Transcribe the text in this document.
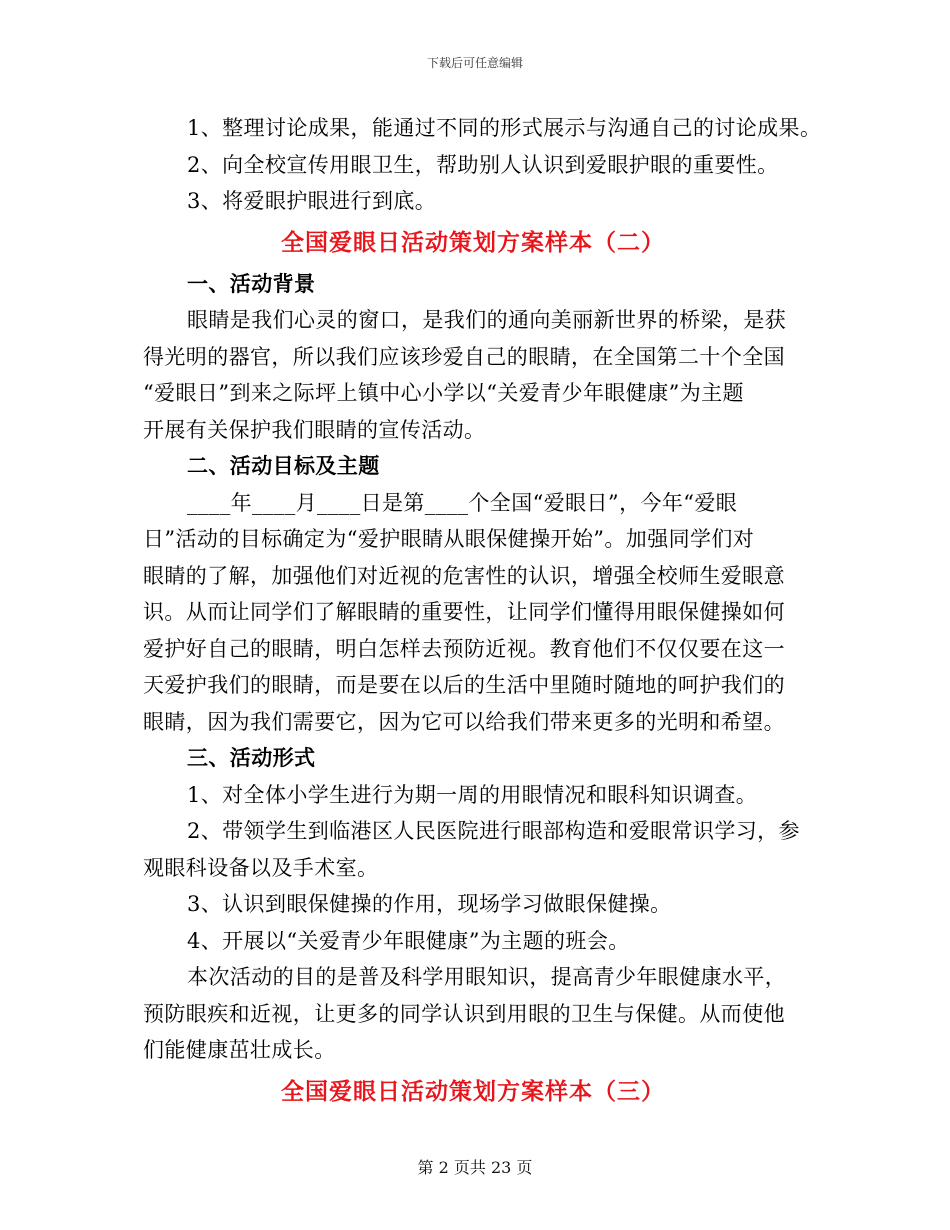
下载后可任意编辑
1、整理讨论成果，能通过不同的形式展示与沟通自己的讨论成果。
2、向全校宣传用眼卫生，帮助别人认识到爱眼护眼的重要性。
3、将爱眼护眼进行到底。
全国爱眼日活动策划方案样本（二）
一、活动背景
眼睛是我们心灵的窗口，是我们的通向美丽新世界的桥梁，是获
得光明的器官，所以我们应该珍爱自己的眼睛，在全国第二十个全国
“爱眼日”到来之际坪上镇中心小学以“关爱青少年眼健康”为主题
开展有关保护我们眼睛的宣传活动。
二、活动目标及主题
____年____月____日是第____个全国“爱眼日”，今年“爱眼
日”活动的目标确定为“爱护眼睛从眼保健操开始”。加强同学们对
眼睛的了解，加强他们对近视的危害性的认识，增强全校师生爱眼意
识。从而让同学们了解眼睛的重要性，让同学们懂得用眼保健操如何
爱护好自己的眼睛，明白怎样去预防近视。教育他们不仅仅要在这一
天爱护我们的眼睛，而是要在以后的生活中里随时随地的呵护我们的
眼睛，因为我们需要它，因为它可以给我们带来更多的光明和希望。
三、活动形式
1、对全体小学生进行为期一周的用眼情况和眼科知识调查。
2、带领学生到临港区人民医院进行眼部构造和爱眼常识学习，参
观眼科设备以及手术室。
3、认识到眼保健操的作用，现场学习做眼保健操。
4、开展以“关爱青少年眼健康”为主题的班会。
本次活动的目的是普及科学用眼知识，提高青少年眼健康水平，
预防眼疾和近视，让更多的同学认识到用眼的卫生与保健。从而使他
们能健康茁壮成长。
全国爱眼日活动策划方案样本（三）
第 2 页共 23 页
